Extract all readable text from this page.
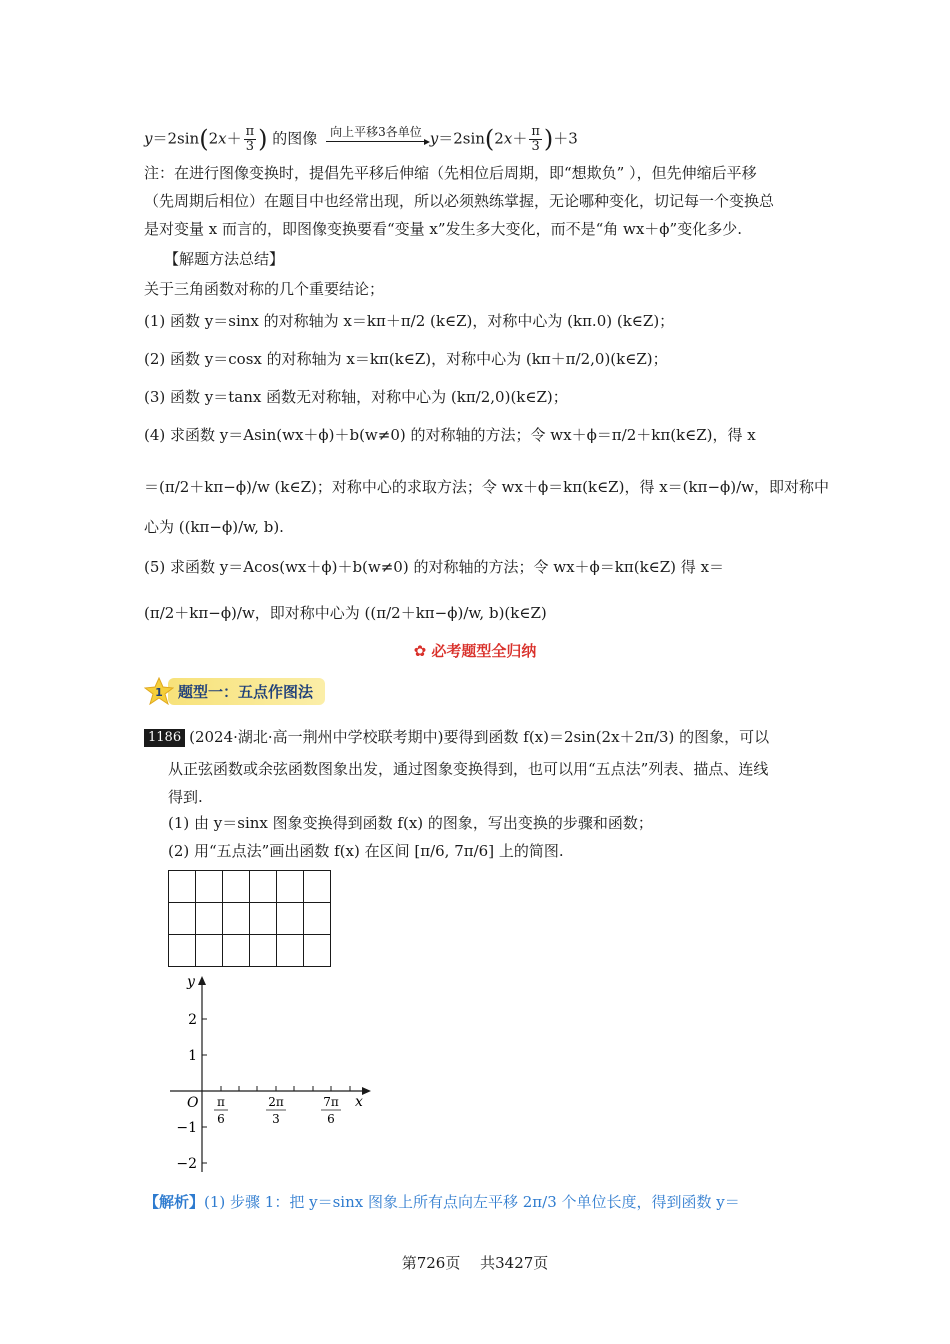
$y=2\sin(2x+ \frac{\pi}{3}$ ) 的图像	向上平移3各单位 $y=2\sin(2x+ \frac{\pi}{3} )+3$
注：在进行图像变换时，提倡先平移后伸缩（先相位后周期，即“想欺负” ），但先伸缩后平移
（先周期后相位）在题目中也经常出现，所以必须熟练掌握，无论哪种变化，切记每一个变换总
是对变量 x 而言的，即图像变换要看“变量 x”发生多大变化，而不是“角 wx＋ϕ”变化多少.
【解题方法总结】
关于三角函数对称的几个重要结论；
(1) 函数 y＝sinx 的对称轴为 x＝kπ＋π/2 (k∈Z)，对称中心为 (kπ.0) (k∈Z)；
(2) 函数 y＝cosx 的对称轴为 x＝kπ(k∈Z)，对称中心为 (kπ＋π/2,0)(k∈Z)；
(3) 函数 y＝tanx 函数无对称轴，对称中心为 (kπ/2,0)(k∈Z)；
(4) 求函数 y＝Asin(wx＋ϕ)＋b(w≠0) 的对称轴的方法；令 wx＋ϕ＝π/2＋kπ(k∈Z)，得 x
＝(π/2＋kπ−ϕ)/w (k∈Z)；对称中心的求取方法；令 wx＋ϕ＝kπ(k∈Z)，得 x＝(kπ−ϕ)/w，即对称中
心为 ((kπ−ϕ)/w, b).
(5) 求函数 y＝Acos(wx＋ϕ)＋b(w≠0) 的对称轴的方法；令 wx＋ϕ＝kπ(k∈Z) 得 x＝
(π/2＋kπ−ϕ)/w，即对称中心为 ((π/2＋kπ−ϕ)/w, b)(k∈Z)
✿ 必考题型全归纳
1	题型一：五点作图法
1186 (2024·湖北·高一荆州中学校联考期中)要得到函数 f(x)＝2sin(2x＋2π/3) 的图象，可以
从正弦函数或余弦函数图象出发，通过图象变换得到，也可以用“五点法”列表、描点、连线
得到.
(1) 由 y＝sinx 图象变换得到函数 f(x) 的图象，写出变换的步骤和函数；
(2) 用“五点法”画出函数 f(x) 在区间 [π/6, 7π/6] 上的简图.

y
x
O
2
1
−1
−2
π
6
2π
3
7π
6
【解析】(1) 步骤 1：把 y＝sinx 图象上所有点向左平移 2π/3 个单位长度，得到函数 y＝
第726页　 共3427页
